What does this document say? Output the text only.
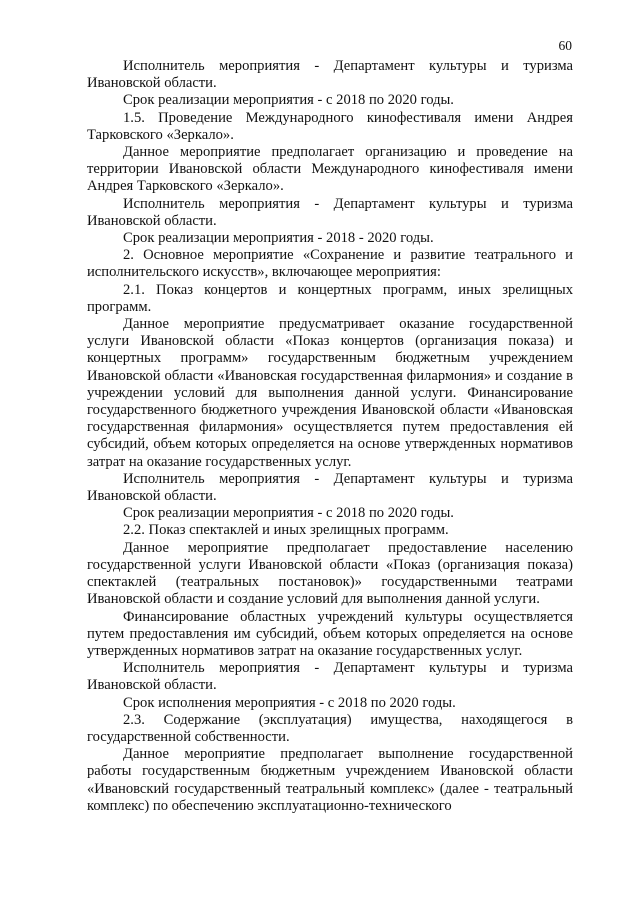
60

Исполнитель мероприятия - Департамент культуры и туризма Ивановской области.

Срок реализации мероприятия - с 2018 по 2020 годы.

1.5. Проведение Международного кинофестиваля имени Андрея Тарковского «Зеркало».

Данное мероприятие предполагает организацию и проведение на территории Ивановской области Международного кинофестиваля имени Андрея Тарковского «Зеркало».

Исполнитель мероприятия - Департамент культуры и туризма Ивановской области.

Срок реализации мероприятия - 2018 - 2020 годы.

2. Основное мероприятие «Сохранение и развитие театрального и исполнительского искусств», включающее мероприятия:

2.1. Показ концертов и концертных программ, иных зрелищных программ.

Данное мероприятие предусматривает оказание государственной услуги Ивановской области «Показ концертов (организация показа) и концертных программ» государственным бюджетным учреждением Ивановской области «Ивановская государственная филармония» и создание в учреждении условий для выполнения данной услуги. Финансирование государственного бюджетного учреждения Ивановской области «Ивановская государственная филармония» осуществляется путем предоставления ей субсидий, объем которых определяется на основе утвержденных нормативов затрат на оказание государственных услуг.

Исполнитель мероприятия - Департамент культуры и туризма Ивановской области.

Срок реализации мероприятия - с 2018 по 2020 годы.

2.2. Показ спектаклей и иных зрелищных программ.

Данное мероприятие предполагает предоставление населению государственной услуги Ивановской области «Показ (организация показа) спектаклей (театральных постановок)» государственными театрами Ивановской области и создание условий для выполнения данной услуги.

Финансирование областных учреждений культуры осуществляется путем предоставления им субсидий, объем которых определяется на основе утвержденных нормативов затрат на оказание государственных услуг.

Исполнитель мероприятия - Департамент культуры и туризма Ивановской области.

Срок исполнения мероприятия - с 2018 по 2020 годы.

2.3. Содержание (эксплуатация) имущества, находящегося в государственной собственности.

Данное мероприятие предполагает выполнение государственной работы государственным бюджетным учреждением Ивановской области «Ивановский государственный театральный комплекс» (далее - театральный комплекс) по обеспечению эксплуатационно-технического
